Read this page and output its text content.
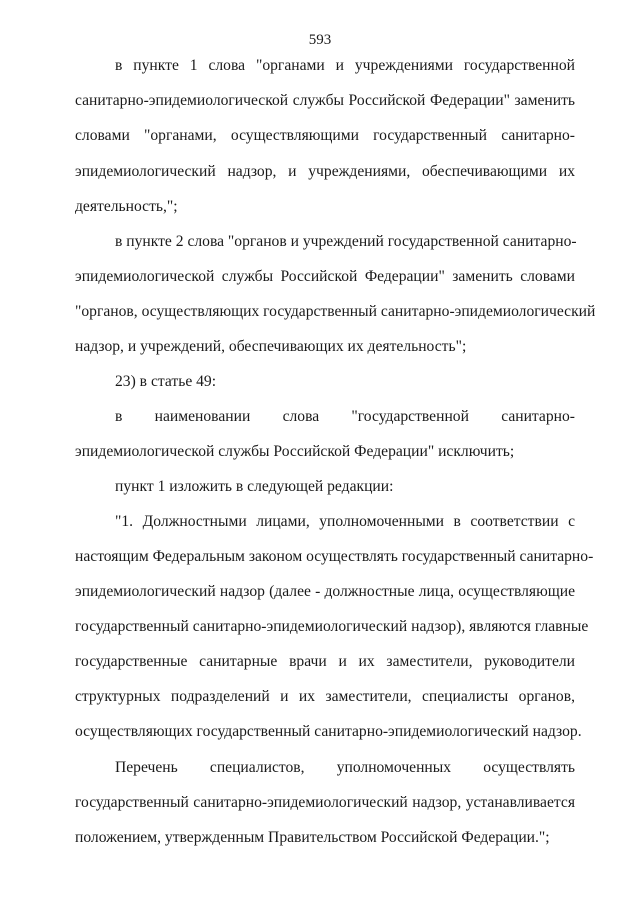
593
в пункте 1 слова "органами и учреждениями государственной
санитарно-эпидемиологической службы Российской Федерации" заменить
словами "органами, осуществляющими государственный санитарно-
эпидемиологический надзор, и учреждениями, обеспечивающими их
деятельность,";
в пункте 2 слова "органов и учреждений государственной санитарно-
эпидемиологической службы Российской Федерации" заменить словами
"органов, осуществляющих государственный санитарно-эпидемиологический
надзор, и учреждений, обеспечивающих их деятельность";
23) в статье 49:
в наименовании слова "государственной санитарно-
эпидемиологической службы Российской Федерации" исключить;
пункт 1 изложить в следующей редакции:
"1. Должностными лицами, уполномоченными в соответствии с
настоящим Федеральным законом осуществлять государственный санитарно-
эпидемиологический надзор (далее - должностные лица, осуществляющие
государственный санитарно-эпидемиологический надзор), являются главные
государственные санитарные врачи и их заместители, руководители
структурных подразделений и их заместители, специалисты органов,
осуществляющих государственный санитарно-эпидемиологический надзор.
Перечень специалистов, уполномоченных осуществлять
государственный санитарно-эпидемиологический надзор, устанавливается
положением, утвержденным Правительством Российской Федерации.";
